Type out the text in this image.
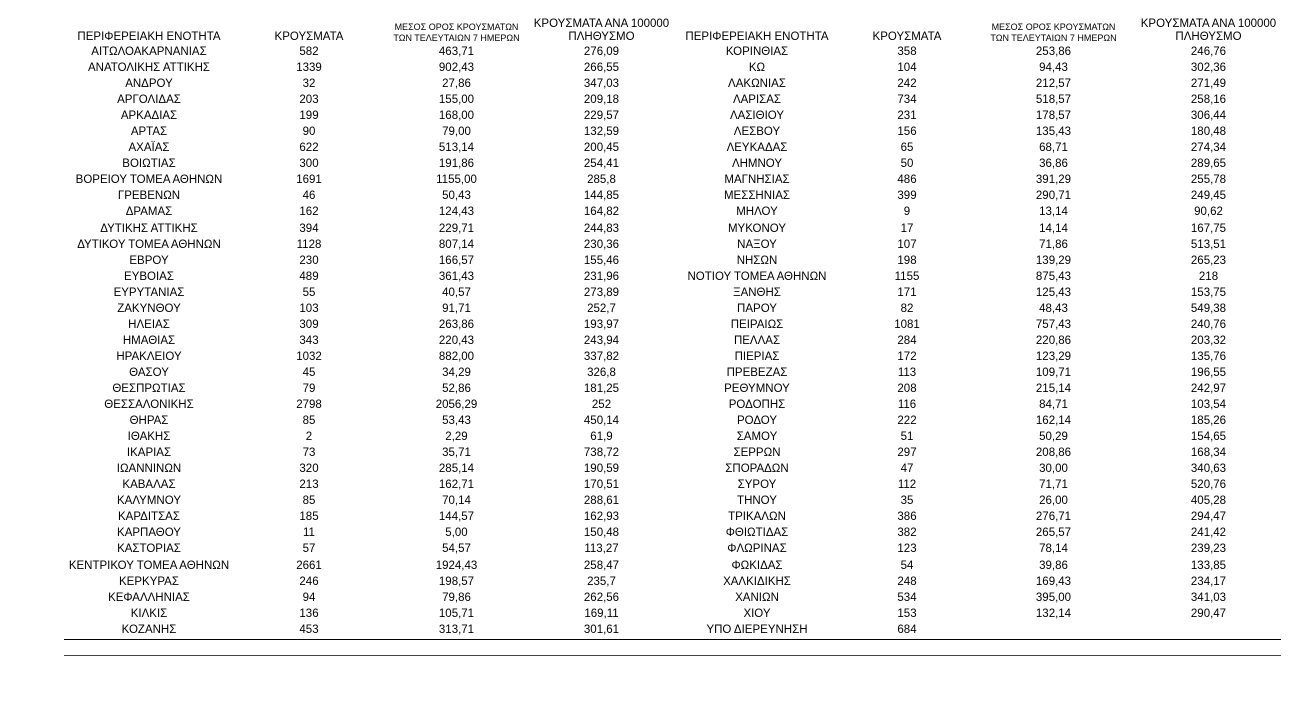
ΠΕΡΙΦΕΡΕΙΑΚΗ ΕΝΟΤΗΤΑ	ΚΡΟΥΣΜΑΤΑ	ΜΕΣΟΣ ΟΡΟΣ ΚΡΟΥΣΜΑΤΩΝ
ΤΩΝ ΤΕΛΕΥΤΑΙΩΝ 7 ΗΜΕΡΩΝ	ΚΡΟΥΣΜΑΤΑ ΑΝΑ 100000
ΠΛΗΘΥΣΜΟ
ΑΙΤΩΛΟΑΚΑΡΝΑΝΙΑΣ	582	463,71	276,09
ΑΝΑΤΟΛΙΚΗΣ ΑΤΤΙΚΗΣ	1339	902,43	266,55
ΑΝΔΡΟΥ	32	27,86	347,03
ΑΡΓΟΛΙΔΑΣ	203	155,00	209,18
ΑΡΚΑΔΙΑΣ	199	168,00	229,57
ΑΡΤΑΣ	90	79,00	132,59
ΑΧΑΪΑΣ	622	513,14	200,45
ΒΟΙΩΤΙΑΣ	300	191,86	254,41
ΒΟΡΕΙΟΥ ΤΟΜΕΑ ΑΘΗΝΩΝ	1691	1155,00	285,8
ΓΡΕΒΕΝΩΝ	46	50,43	144,85
ΔΡΑΜΑΣ	162	124,43	164,82
ΔΥΤΙΚΗΣ ΑΤΤΙΚΗΣ	394	229,71	244,83
ΔΥΤΙΚΟΥ ΤΟΜΕΑ ΑΘΗΝΩΝ	1128	807,14	230,36
ΕΒΡΟΥ	230	166,57	155,46
ΕΥΒΟΙΑΣ	489	361,43	231,96
ΕΥΡΥΤΑΝΙΑΣ	55	40,57	273,89
ΖΑΚΥΝΘΟΥ	103	91,71	252,7
ΗΛΕΙΑΣ	309	263,86	193,97
ΗΜΑΘΙΑΣ	343	220,43	243,94
ΗΡΑΚΛΕΙΟΥ	1032	882,00	337,82
ΘΑΣΟΥ	45	34,29	326,8
ΘΕΣΠΡΩΤΙΑΣ	79	52,86	181,25
ΘΕΣΣΑΛΟΝΙΚΗΣ	2798	2056,29	252
ΘΗΡΑΣ	85	53,43	450,14
ΙΘΑΚΗΣ	2	2,29	61,9
ΙΚΑΡΙΑΣ	73	35,71	738,72
ΙΩΑΝΝΙΝΩΝ	320	285,14	190,59
ΚΑΒΑΛΑΣ	213	162,71	170,51
ΚΑΛΥΜΝΟΥ	85	70,14	288,61
ΚΑΡΔΙΤΣΑΣ	185	144,57	162,93
ΚΑΡΠΑΘΟΥ	11	5,00	150,48
ΚΑΣΤΟΡΙΑΣ	57	54,57	113,27
ΚΕΝΤΡΙΚΟΥ ΤΟΜΕΑ ΑΘΗΝΩΝ	2661	1924,43	258,47
ΚΕΡΚΥΡΑΣ	246	198,57	235,7
ΚΕΦΑΛΛΗΝΙΑΣ	94	79,86	262,56
ΚΙΛΚΙΣ	136	105,71	169,11
ΚΟΖΑΝΗΣ	453	313,71	301,61
ΠΕΡΙΦΕΡΕΙΑΚΗ ΕΝΟΤΗΤΑ	ΚΡΟΥΣΜΑΤΑ	ΜΕΣΟΣ ΟΡΟΣ ΚΡΟΥΣΜΑΤΩΝ
ΤΩΝ ΤΕΛΕΥΤΑΙΩΝ 7 ΗΜΕΡΩΝ	ΚΡΟΥΣΜΑΤΑ ΑΝΑ 100000
ΠΛΗΘΥΣΜΟ
ΚΟΡΙΝΘΙΑΣ	358	253,86	246,76
ΚΩ	104	94,43	302,36
ΛΑΚΩΝΙΑΣ	242	212,57	271,49
ΛΑΡΙΣΑΣ	734	518,57	258,16
ΛΑΣΙΘΙΟΥ	231	178,57	306,44
ΛΕΣΒΟΥ	156	135,43	180,48
ΛΕΥΚΑΔΑΣ	65	68,71	274,34
ΛΗΜΝΟΥ	50	36,86	289,65
ΜΑΓΝΗΣΙΑΣ	486	391,29	255,78
ΜΕΣΣΗΝΙΑΣ	399	290,71	249,45
ΜΗΛΟΥ	9	13,14	90,62
ΜΥΚΟΝΟΥ	17	14,14	167,75
ΝΑΞΟΥ	107	71,86	513,51
ΝΗΣΩΝ	198	139,29	265,23
ΝΟΤΙΟΥ ΤΟΜΕΑ ΑΘΗΝΩΝ	1155	875,43	218
ΞΑΝΘΗΣ	171	125,43	153,75
ΠΑΡΟΥ	82	48,43	549,38
ΠΕΙΡΑΙΩΣ	1081	757,43	240,76
ΠΕΛΛΑΣ	284	220,86	203,32
ΠΙΕΡΙΑΣ	172	123,29	135,76
ΠΡΕΒΕΖΑΣ	113	109,71	196,55
ΡΕΘΥΜΝΟΥ	208	215,14	242,97
ΡΟΔΟΠΗΣ	116	84,71	103,54
ΡΟΔΟΥ	222	162,14	185,26
ΣΑΜΟΥ	51	50,29	154,65
ΣΕΡΡΩΝ	297	208,86	168,34
ΣΠΟΡΑΔΩΝ	47	30,00	340,63
ΣΥΡΟΥ	112	71,71	520,76
ΤΗΝΟΥ	35	26,00	405,28
ΤΡΙΚΑΛΩΝ	386	276,71	294,47
ΦΘΙΩΤΙΔΑΣ	382	265,57	241,42
ΦΛΩΡΙΝΑΣ	123	78,14	239,23
ΦΩΚΙΔΑΣ	54	39,86	133,85
ΧΑΛΚΙΔΙΚΗΣ	248	169,43	234,17
ΧΑΝΙΩΝ	534	395,00	341,03
ΧΙΟΥ	153	132,14	290,47
ΥΠΟ ΔΙΕΡΕΥΝΗΣΗ	684		
